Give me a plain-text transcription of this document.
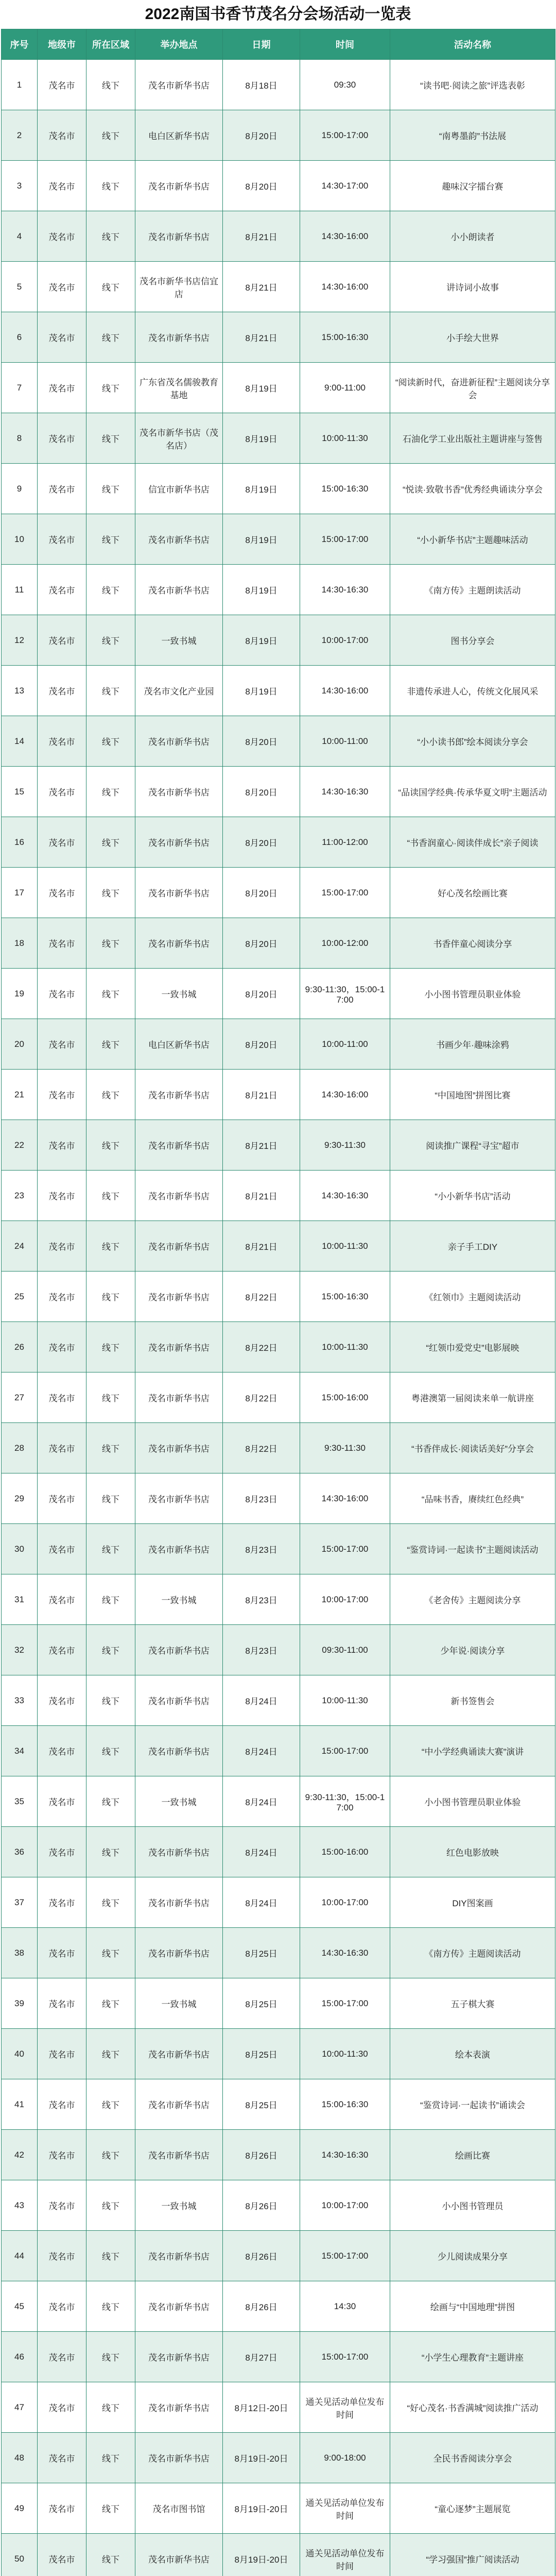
2022南国书香节茂名分会场活动一览表
序号	地级市	所在区域	举办地点	日期	时间	活动名称
1	茂名市	线下	茂名市新华书店	8月18日	09:30	“读书吧·阅读之旅”评选表彰
2	茂名市	线下	电白区新华书店	8月20日	15:00-17:00	“南粤墨韵”书法展
3	茂名市	线下	茂名市新华书店	8月20日	14:30-17:00	趣味汉字擂台赛
4	茂名市	线下	茂名市新华书店	8月21日	14:30-16:00	小小朗读者
5	茂名市	线下	茂名市新华书店信宜店	8月21日	14:30-16:00	讲诗词小故事
6	茂名市	线下	茂名市新华书店	8月21日	15:00-16:30	小手绘大世界
7	茂名市	线下	广东省茂名儒骏教育基地	8月19日	9:00-11:00	“阅读新时代，奋进新征程”主题阅读分享会
8	茂名市	线下	茂名市新华书店（茂名店）	8月19日	10:00-11:30	石油化学工业出版社主题讲座与签售
9	茂名市	线下	信宜市新华书店	8月19日	15:00-16:30	“悦读·致敬书香”优秀经典诵读分享会
10	茂名市	线下	茂名市新华书店	8月19日	15:00-17:00	“小小新华书店”主题趣味活动
11	茂名市	线下	茂名市新华书店	8月19日	14:30-16:30	《南方传》主题朗读活动
12	茂名市	线下	一致书城	8月19日	10:00-17:00	图书分享会
13	茂名市	线下	茂名市文化产业园	8月19日	14:30-16:00	非遗传承进人心，传统文化展风采
14	茂名市	线下	茂名市新华书店	8月20日	10:00-11:00	“小小读书郎”绘本阅读分享会
15	茂名市	线下	茂名市新华书店	8月20日	14:30-16:30	“品读国学经典·传承华夏文明”主题活动
16	茂名市	线下	茂名市新华书店	8月20日	11:00-12:00	“书香润童心·阅读伴成长”亲子阅读
17	茂名市	线下	茂名市新华书店	8月20日	15:00-17:00	好心茂名绘画比赛
18	茂名市	线下	茂名市新华书店	8月20日	10:00-12:00	书香伴童心阅读分享
19	茂名市	线下	一致书城	8月20日	9:30-11:30，15:00-17:00	小小图书管理员职业体验
20	茂名市	线下	电白区新华书店	8月20日	10:00-11:00	书画少年·趣味涂鸦
21	茂名市	线下	茂名市新华书店	8月21日	14:30-16:00	“中国地图”拼图比赛
22	茂名市	线下	茂名市新华书店	8月21日	9:30-11:30	阅读推广课程“寻宝”超市
23	茂名市	线下	茂名市新华书店	8月21日	14:30-16:30	“小小新华书店”活动
24	茂名市	线下	茂名市新华书店	8月21日	10:00-11:30	亲子手工DIY
25	茂名市	线下	茂名市新华书店	8月22日	15:00-16:30	《红领巾》主题阅读活动
26	茂名市	线下	茂名市新华书店	8月22日	10:00-11:30	“红领巾爱党史”电影展映
27	茂名市	线下	茂名市新华书店	8月22日	15:00-16:00	粤港澳第一届阅读来单一航讲座
28	茂名市	线下	茂名市新华书店	8月22日	9:30-11:30	“书香伴成长·阅读话美好”分享会
29	茂名市	线下	茂名市新华书店	8月23日	14:30-16:00	“品味书香，赓续红色经典”
30	茂名市	线下	茂名市新华书店	8月23日	15:00-17:00	“鉴赏诗词·一起读书”主题阅读活动
31	茂名市	线下	一致书城	8月23日	10:00-17:00	《老舍传》主题阅读分享
32	茂名市	线下	茂名市新华书店	8月23日	09:30-11:00	少年说·阅读分享
33	茂名市	线下	茂名市新华书店	8月24日	10:00-11:30	新书签售会
34	茂名市	线下	茂名市新华书店	8月24日	15:00-17:00	“中小学经典诵读大赛”演讲
35	茂名市	线下	一致书城	8月24日	9:30-11:30，15:00-17:00	小小图书管理员职业体验
36	茂名市	线下	茂名市新华书店	8月24日	15:00-16:00	红色电影放映
37	茂名市	线下	茂名市新华书店	8月24日	10:00-17:00	DIY图案画
38	茂名市	线下	茂名市新华书店	8月25日	14:30-16:30	《南方传》主题阅读活动
39	茂名市	线下	一致书城	8月25日	15:00-17:00	五子棋大赛
40	茂名市	线下	茂名市新华书店	8月25日	10:00-11:30	绘本表演
41	茂名市	线下	茂名市新华书店	8月25日	15:00-16:30	“鉴赏诗词·一起读书”诵读会
42	茂名市	线下	茂名市新华书店	8月26日	14:30-16:30	绘画比赛
43	茂名市	线下	一致书城	8月26日	10:00-17:00	小小图书管理员
44	茂名市	线下	茂名市新华书店	8月26日	15:00-17:00	少儿阅读成果分享
45	茂名市	线下	茂名市新华书店	8月26日	14:30	绘画与“中国地理”拼图
46	茂名市	线下	茂名市新华书店	8月27日	15:00-17:00	“小学生心理教育”主题讲座
47	茂名市	线下	茂名市新华书店	8月12日-20日	通关见活动单位发布时间	“好心茂名·书香满城”阅读推广活动
48	茂名市	线下	茂名市新华书店	8月19日-20日	9:00-18:00	全民书香阅读分享会
49	茂名市	线下	茂名市图书馆	8月19日-20日	通关见活动单位发布时间	“童心逐梦”主题展览
50	茂名市	线下	茂名市新华书店	8月19日-20日	通关见活动单位发布时间	“学习强国”推广阅读活动
